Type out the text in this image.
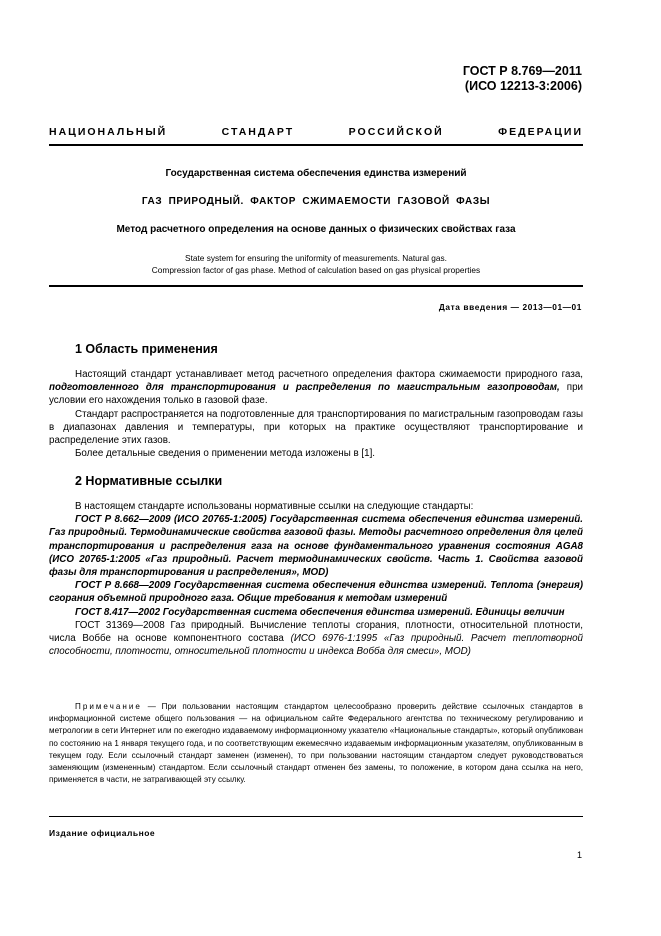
ГОСТ Р 8.769—2011
(ИСО 12213-3:2006)
НАЦИОНАЛЬНЫЙ СТАНДАРТ РОССИЙСКОЙ ФЕДЕРАЦИИ
Государственная система обеспечения единства измерений
ГАЗ ПРИРОДНЫЙ. ФАКТОР СЖИМАЕМОСТИ ГАЗОВОЙ ФАЗЫ
Метод расчетного определения на основе данных о физических свойствах газа
State system for ensuring the uniformity of measurements. Natural gas.
Compression factor of gas phase. Method of calculation based on gas physical properties
Дата введения — 2013—01—01
1 Область применения

Настоящий стандарт устанавливает метод расчетного определения фактора сжимаемости природного газа, подготовленного для транспортирования и распределения по магистральным газопроводам, при условии его нахождения только в газовой фазе.

Стандарт распространяется на подготовленные для транспортирования по магистральным газопроводам газы в диапазонах давления и температуры, при которых на практике осуществляют транспортирование и распределение этих газов.

Более детальные сведения о применении метода изложены в [1].

2 Нормативные ссылки

В настоящем стандарте использованы нормативные ссылки на следующие стандарты:

ГОСТ Р 8.662—2009 (ИСО 20765-1:2005) Государственная система обеспечения единства измерений. Газ природный. Термодинамические свойства газовой фазы. Методы расчетного определения для целей транспортирования и распределения газа на основе фундаментального уравнения состояния AGA8 (ИСО 20765-1:2005 «Газ природный. Расчет термодинамических свойств. Часть 1. Свойства газовой фазы для транспортирования и распределения», MOD)

ГОСТ Р 8.668—2009 Государственная система обеспечения единства измерений. Теплота (энергия) сгорания объемной природного газа. Общие требования к методам измерений

ГОСТ 8.417—2002 Государственная система обеспечения единства измерений. Единицы величин

ГОСТ 31369—2008 Газ природный. Вычисление теплоты сгорания, плотности, относительной плотности, числа Воббе на основе компонентного состава (ИСО 6976-1:1995 «Газ природный. Расчет теплотворной способности, плотности, относительной плотности и индекса Вобба для смеси», MOD)

Примечание — При пользовании настоящим стандартом целесообразно проверить действие ссылочных стандартов в информационной системе общего пользования — на официальном сайте Федерального агентства по техническому регулированию и метрологии в сети Интернет или по ежегодно издаваемому информационному указателю «Национальные стандарты», который опубликован по состоянию на 1 января текущего года, и по соответствующим ежемесячно издаваемым информационным указателям, опубликованным в текущем году. Если ссылочный стандарт заменен (изменен), то при пользовании настоящим стандартом следует руководствоваться заменяющим (измененным) стандартом. Если ссылочный стандарт отменен без замены, то положение, в котором дана ссылка на него, применяется в части, не затрагивающей эту ссылку.

Издание официальное
1
